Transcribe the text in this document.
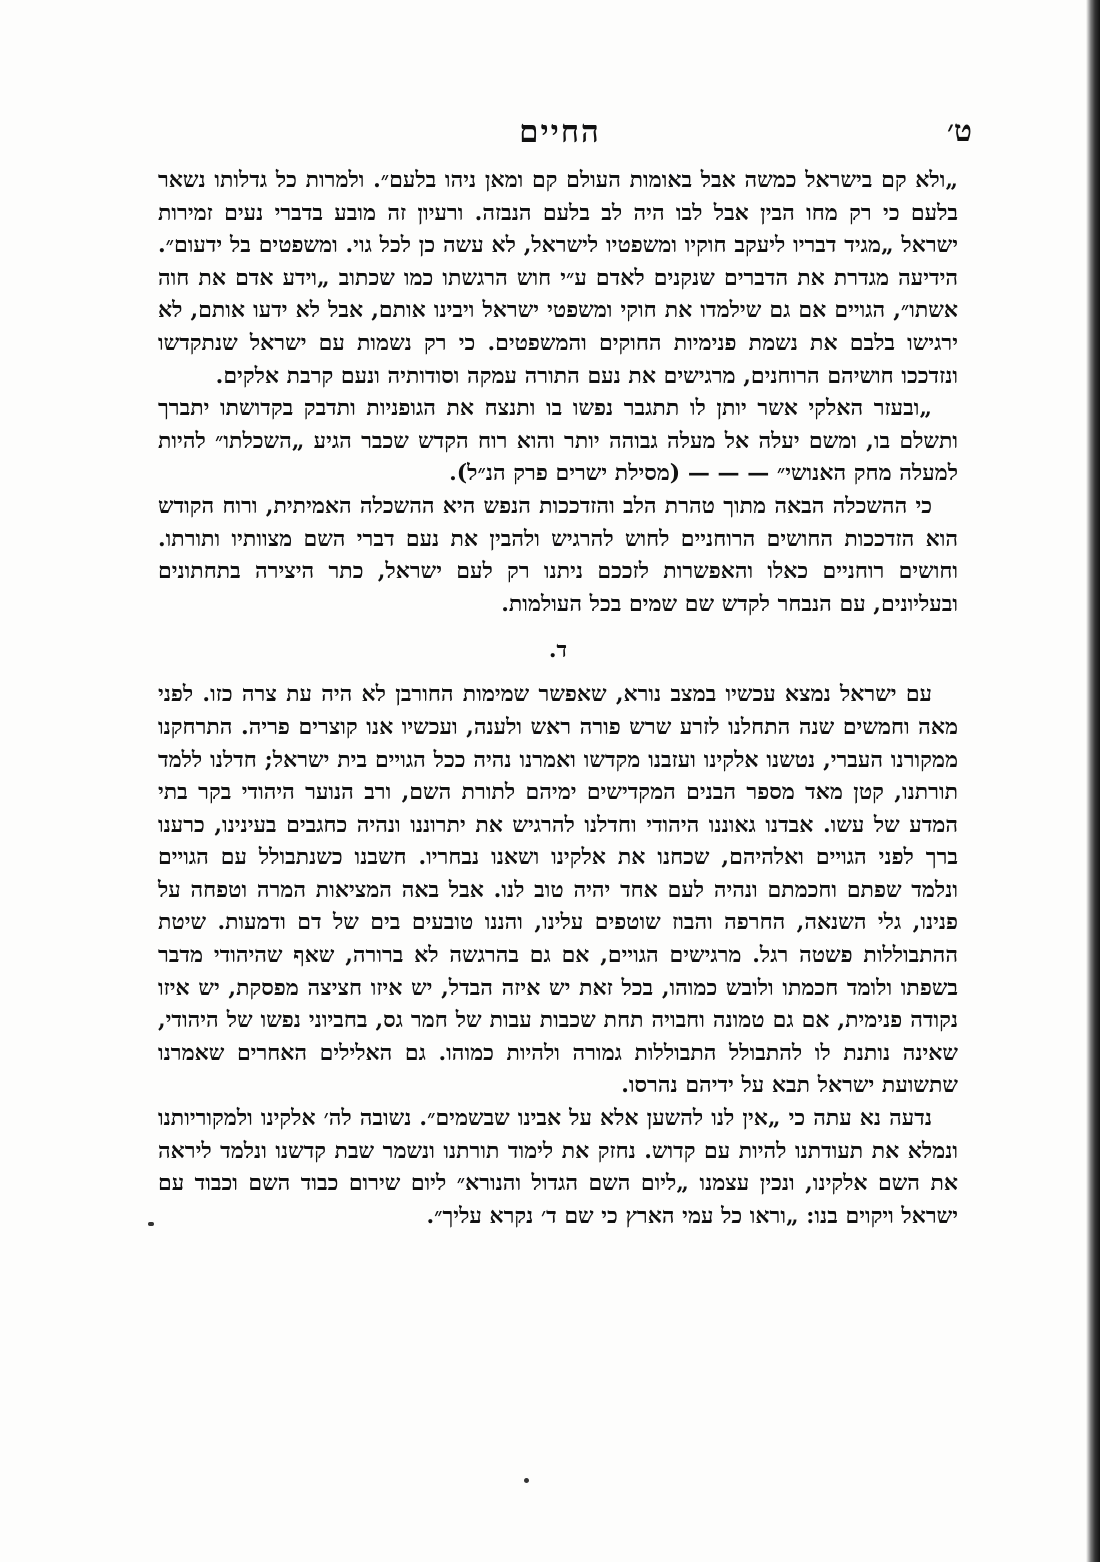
ט׳
החיים

„ולא קם בישראל כמשה אבל באומות העולם קם ומאן ניהו בלעם״. ולמרות כל גדלותו נשאר בלעם כי רק מחו הבין אבל לבו היה לב בלעם הנבזה. ורעיון זה מובע בדברי נעים זמירות ישראל „מגיד דבריו ליעקב חוקיו ומשפטיו לישראל, לא עשה כן לכל גוי. ומשפטים בל ידעום״. הידיעה מגדרת את הדברים שנקנים לאדם ע״י חוש הרגשתו כמו שכתוב „וידע אדם את חוה אשתו״, הגויים אם גם שילמדו את חוקי ומשפטי ישראל ויבינו אותם, אבל לא ידעו אותם, לא ירגישו בלבם את נשמת פנימיות החוקים והמשפטים. כי רק נשמות עם ישראל שנתקדשו ונזדככו חושיהם הרוחנים, מרגישים את נעם התורה עמקה וסודותיה ונעם קרבת אלקים.

„ובעזר האלקי אשר יותן לו תתגבר נפשו בו ותנצח את הגופניות ותדבק בקדושתו יתברך ותשלם בו, ומשם יעלה אל מעלה גבוהה יותר והוא רוח הקדש שכבר הגיע „השכלתו״ להיות למעלה מחק האנושי״ — — — (מסילת ישרים פרק הנ״ל).

כי ההשכלה הבאה מתוך טהרת הלב והזדככות הנפש היא ההשכלה האמיתית, ורוח הקודש הוא הזדככות החושים הרוחניים לחוש להרגיש ולהבין את נעם דברי השם מצוותיו ותורתו. וחושים רוחניים כאלו והאפשרות לזככם ניתנו רק לעם ישראל, כתר היצירה בתחתונים ובעליונים, עם הנבחר לקדש שם שמים בכל העולמות.

ד.

עם ישראל נמצא עכשיו במצב נורא, שאפשר שמימות החורבן לא היה עת צרה כזו. לפני מאה וחמשים שנה התחלנו לזרע שרש פורה ראש ולענה, ועכשיו אנו קוצרים פריה. התרחקנו ממקורנו העברי, נטשנו אלקינו ועזבנו מקדשו ואמרנו נהיה ככל הגויים בית ישראל; חדלנו ללמד תורתנו, קטן מאד מספר הבנים המקדישים ימיהם לתורת השם, ורב הנוער היהודי בקר בתי המדע של עשו. אבדנו גאוננו היהודי וחדלנו להרגיש את יתרוננו ונהיה כחגבים בעינינו, כרענו ברך לפני הגויים ואלהיהם, שכחנו את אלקינו ושאנו נבחריו. חשבנו כשנתבולל עם הגויים ונלמד שפתם וחכמתם ונהיה לעם אחד יהיה טוב לנו. אבל באה המציאות המרה וטפחה על פנינו, גלי השנאה, החרפה והבוז שוטפים עלינו, והננו טובעים בים של דם ודמעות. שיטת ההתבוללות פשטה רגל. מרגישים הגויים, אם גם בהרגשה לא ברורה, שאף שהיהודי מדבר בשפתו ולומד חכמתו ולובש כמוהו, בכל זאת יש איזה הבדל, יש איזו חציצה מפסקת, יש איזו נקודה פנימית, אם גם טמונה וחבויה תחת שכבות עבות של חמר גס, בחביוני נפשו של היהודי, שאינה נותנת לו להתבולל התבוללות גמורה ולהיות כמוהו. גם האלילים האחרים שאמרנו שתשועת ישראל תבא על ידיהם נהרסו.

נדעה נא עתה כי „אין לנו להשען אלא על אבינו שבשמים״. נשובה לה׳ אלקינו ולמקוריותנו ונמלא את תעודתנו להיות עם קדוש. נחזק את לימוד תורתנו ונשמר שבת קדשנו ונלמד ליראה את השם אלקינו, ונכין עצמנו „ליום השם הגדול והנורא״ ליום שירום כבוד השם וכבוד עם ישראל ויקוים בנו: „וראו כל עמי הארץ כי שם ד׳ נקרא עליך״.
